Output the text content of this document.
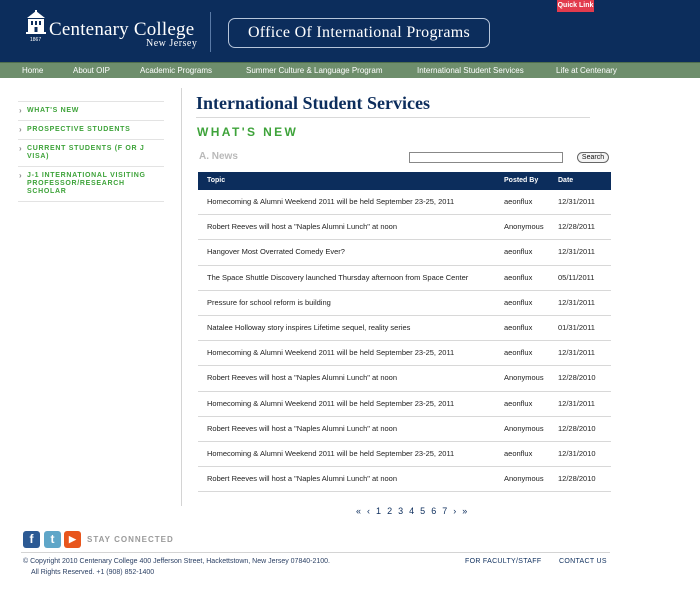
1867 Centenary College
New Jersey
Office Of International Programs
Quick Link
Home	About OIP	Academic Programs	Summer Culture & Language Program	International Student Services	Life at Centenary
› WHAT'S NEW
› PROSPECTIVE STUDENTS
› CURRENT STUDENTS (F OR J VISA)
› J-1 INTERNATIONAL VISITING PROFESSOR/RESEARCH SCHOLAR
International Student Services
WHAT'S NEW
A. News	Search
Topic	Posted By	Date
Homecoming & Alumni Weekend 2011 will be held September 23-25, 2011	aeonflux	12/31/2011
Robert Reeves will host a "Naples Alumni Lunch" at noon	Anonymous 12/28/2011
Hangover Most Overrated Comedy Ever?	aeonflux	12/31/2011
The Space Shuttle Discovery launched Thursday afternoon from Space Center	aeonflux	05/11/2011
Pressure for school reform is building	aeonflux	12/31/2011
Natalee Holloway story inspires Lifetime sequel, reality series	aeonflux	01/31/2011
Homecoming & Alumni Weekend 2011 will be held September 23-25, 2011	aeonflux	12/31/2011
Robert Reeves will host a "Naples Alumni Lunch" at noon	Anonymous 12/28/2010
Homecoming & Alumni Weekend 2011 will be held September 23-25, 2011	aeonflux	12/31/2011
Robert Reeves will host a "Naples Alumni Lunch" at noon	Anonymous 12/28/2010
Homecoming & Alumni Weekend 2011 will be held September 23-25, 2011	aeonflux	12/31/2010
Robert Reeves will host a "Naples Alumni Lunch" at noon	Anonymous 12/28/2010
« ‹ 1 2 3 4 5 6 7 › »
f	t	▶	STAY CONNECTED
© Copyright 2010 Centenary College 400 Jefferson Street, Hackettstown, New Jersey 07840-2100.
All Rights Reserved. +1 (908) 852-1400
FOR FACULTY/STAFF	CONTACT US
